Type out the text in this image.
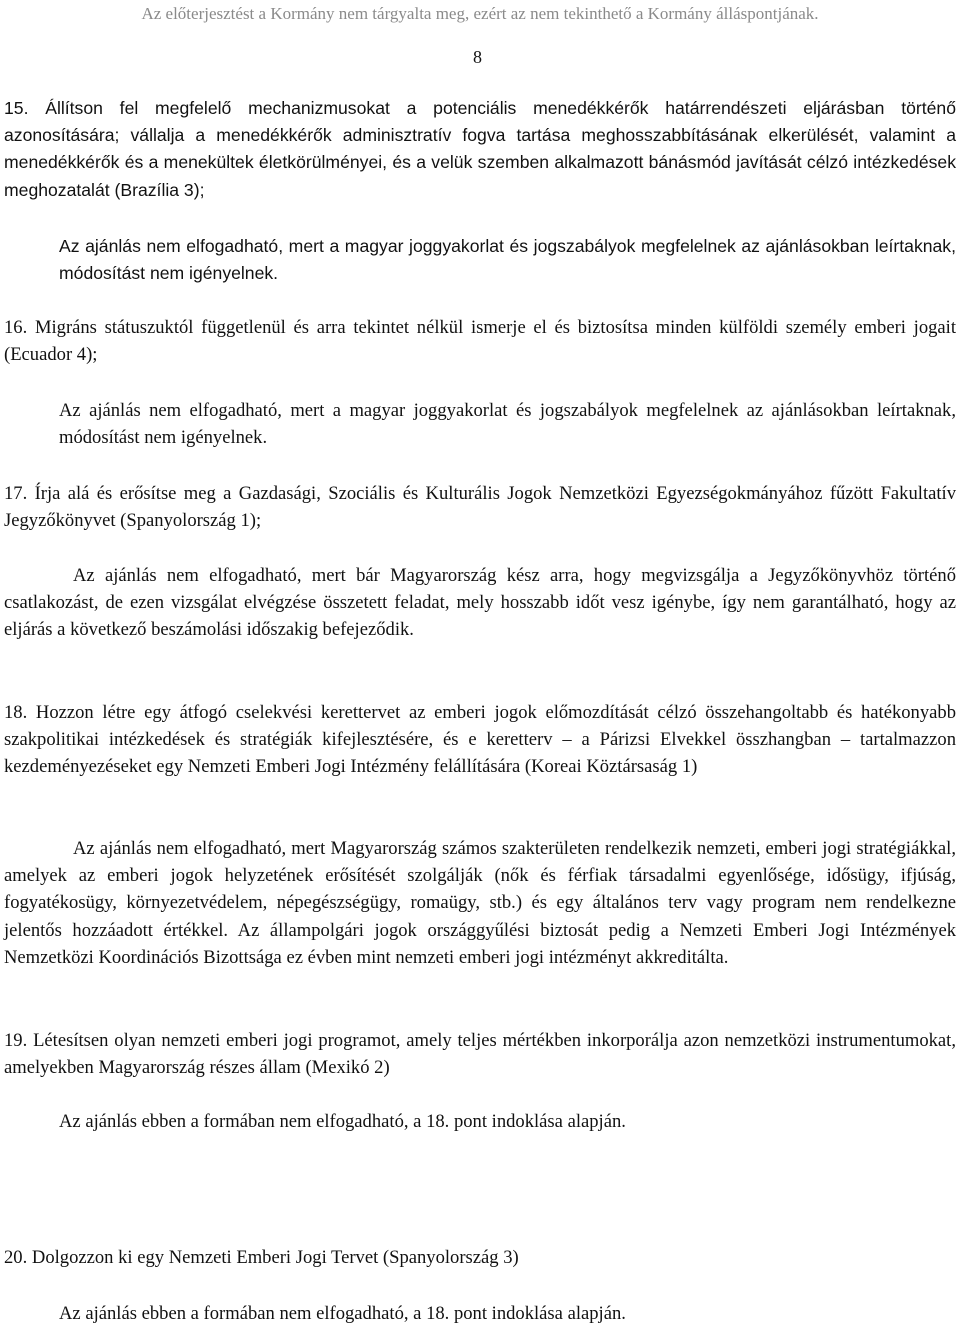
Az előterjesztést a Kormány nem tárgyalta meg, ezért az nem tekinthető a Kormány álláspontjának.
8
15. Állítson fel megfelelő mechanizmusokat a potenciális menedékkérők határrendészeti eljárásban történő azonosítására; vállalja a menedékkérők adminisztratív fogva tartása meghosszabbításának elkerülését, valamint a menedékkérők és a menekültek életkörülményei, és a velük szemben alkalmazott bánásmód javítását célzó intézkedések meghozatalát (Brazília 3);
Az ajánlás nem elfogadható, mert a magyar joggyakorlat és jogszabályok megfelelnek az ajánlásokban leírtaknak, módosítást nem igényelnek.
16. Migráns státuszuktól függetlenül és arra tekintet nélkül ismerje el és biztosítsa minden külföldi személy emberi jogait (Ecuador 4);
Az ajánlás nem elfogadható, mert a magyar joggyakorlat és jogszabályok megfelelnek az ajánlásokban leírtaknak, módosítást nem igényelnek.
17. Írja alá és erősítse meg a Gazdasági, Szociális és Kulturális Jogok Nemzetközi Egyezségokmányához fűzött Fakultatív Jegyzőkönyvet (Spanyolország 1);
Az ajánlás nem elfogadható, mert bár Magyarország kész arra, hogy megvizsgálja a Jegyzőkönyvhöz történő csatlakozást, de ezen vizsgálat elvégzése összetett feladat, mely hosszabb időt vesz igénybe, így nem garantálható, hogy az eljárás a következő beszámolási időszakig befejeződik.
18. Hozzon létre egy átfogó cselekvési kerettervet az emberi jogok előmozdítását célzó összehangoltabb és hatékonyabb szakpolitikai intézkedések és stratégiák kifejlesztésére, és e keretterv – a Párizsi Elvekkel összhangban – tartalmazzon kezdeményezéseket egy Nemzeti Emberi Jogi Intézmény felállítására (Koreai Köztársaság 1)
Az ajánlás nem elfogadható, mert Magyarország számos szakterületen rendelkezik nemzeti, emberi jogi stratégiákkal, amelyek az emberi jogok helyzetének erősítését szolgálják (nők és férfiak társadalmi egyenlősége, idősügy, ifjúság, fogyatékosügy, környezetvédelem, népegészségügy, romaügy, stb.) és egy általános terv vagy program nem rendelkezne jelentős hozzáadott értékkel. Az állampolgári jogok országgyűlési biztosát pedig a Nemzeti Emberi Jogi Intézmények Nemzetközi Koordinációs Bizottsága ez évben mint nemzeti emberi jogi intézményt akkreditálta.
19. Létesítsen olyan nemzeti emberi jogi programot, amely teljes mértékben inkorporálja azon nemzetközi instrumentumokat, amelyekben Magyarország részes állam (Mexikó 2)
Az ajánlás ebben a formában nem elfogadható, a 18. pont indoklása alapján.
20. Dolgozzon ki egy Nemzeti Emberi Jogi Tervet (Spanyolország 3)
Az ajánlás ebben a formában nem elfogadható, a 18. pont indoklása alapján.
